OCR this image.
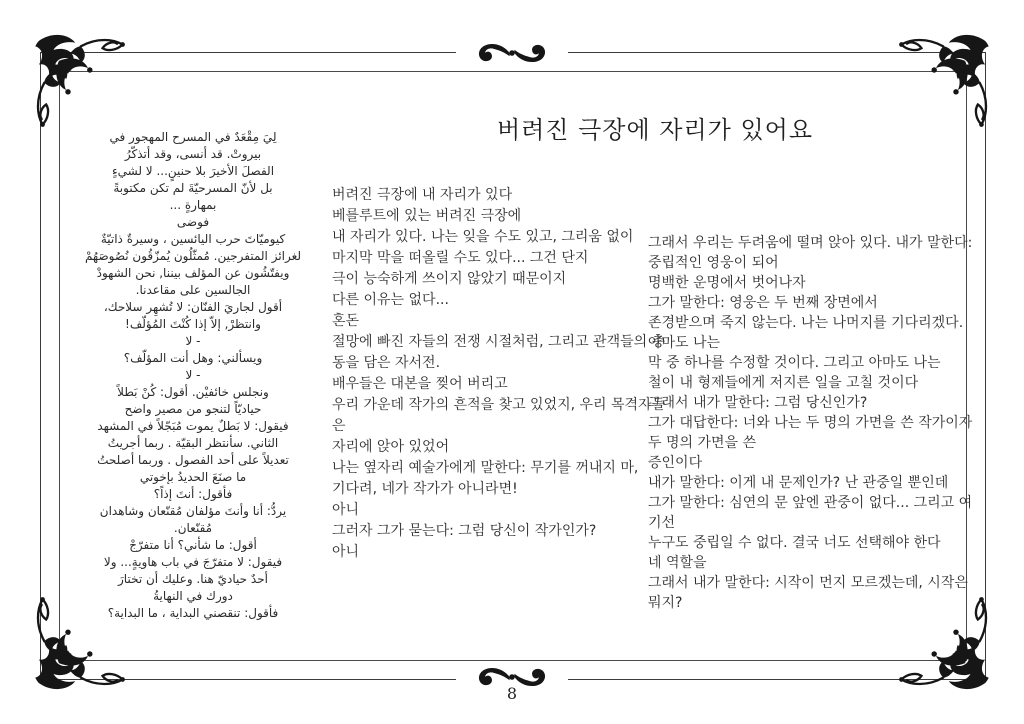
버려진 극장에 자리가 있어요
لِيَ مِقْعَدٌ في المسرح المهجور في
بيروتْ. قد أنسى، وقد أتذكّرُ
الفصلَ الأخيرَ بلا حنينٍ... لا لشيءٍ
بل لأنّ المسرحيّةَ لم تكن مكتوبةً
بمهارةٍ ...
فوضى
كيوميّاتَ حرب اليائسين ، وسيرةٌ ذاتيّةٌ
لغرائز المتفرجين. مُمثّلُون يُمزّقُون نُصُوصَهُمْ
ويفتّشُون عن المؤلف بيننا, نحن الشهودْ
الجالسين على مقاعدنا.
أقول لجاريَ الفنّان: لا تُشهِر سلاحك،
وانتظرْ, إلاّ إذا كُنْتَ المُؤلّف!
- لا
ويسألني: وهل أنت المؤلّف؟
- لا
ونجلس خائفيْن. أقول: كُنْ بَطلاً
حياديّاً لتنجو من مصير واضح
فيقول: لا بَطلٌ يموت مُبَجّلاً في المشهد
الثاني. سأنتظر البقيّة . ربما أجريتُ
تعديلاً على أحد الفصول . وربما أصلحتُ
ما صنَعَ الحديدُ بإخوتي
فأقول: أنتَ إذاً؟
يردُّ: أنا وأنتَ مؤلفان مُقنّعان وشاهدان
مُقنّعان.
أقول: ما شأني؟ أنا متفرّجْ
فيقول: لا متفرّجَ في باب هاويةٍ... ولا
أحدٌ حياديّ هنا. وعليك أن تختارَ
دورك في النهايةُ
فأقول: تنقصني البداية ، ما البداية؟
버려진 극장에 내 자리가 있다
베를루트에 있는 버려진 극장에
내 자리가 있다. 나는 잊을 수도 있고, 그리움 없이
마지막 막을 떠올릴 수도 있다... 그건 단지
극이 능숙하게 쓰이지 않았기 때문이지
다른 이유는 없다...
혼돈
절망에 빠진 자들의 전쟁 시절처럼, 그리고 관객들의 충
동을 담은 자서전.
배우들은 대본을 찢어 버리고
우리 가운데 작가의 흔적을 찾고 있었지, 우리 목격자들
은
자리에 앉아 있었어
나는 옆자리 예술가에게 말한다: 무기를 꺼내지 마,
기다려, 네가 작가가 아니라면!
아니
그러자 그가 묻는다: 그럼 당신이 작가인가?
아니
그래서 우리는 두려움에 떨며 앉아 있다. 내가 말한다:
중립적인 영웅이 되어
명백한 운명에서 벗어나자
그가 말한다: 영웅은 두 번째 장면에서
존경받으며 죽지 않는다. 나는 나머지를 기다리겠다.
아마도 나는
막 중 하나를 수정할 것이다. 그리고 아마도 나는
철이 내 형제들에게 저지른 일을 고칠 것이다
그래서 내가 말한다: 그럼 당신인가?
그가 대답한다: 너와 나는 두 명의 가면을 쓴 작가이자
두 명의 가면을 쓴
증인이다
내가 말한다: 이게 내 문제인가? 난 관중일 뿐인데
그가 말한다: 심연의 문 앞엔 관중이 없다... 그리고 여
기선
누구도 중립일 수 없다. 결국 너도 선택해야 한다
네 역할을
그래서 내가 말한다: 시작이 먼지 모르겠는데, 시작은
뭐지?
8
